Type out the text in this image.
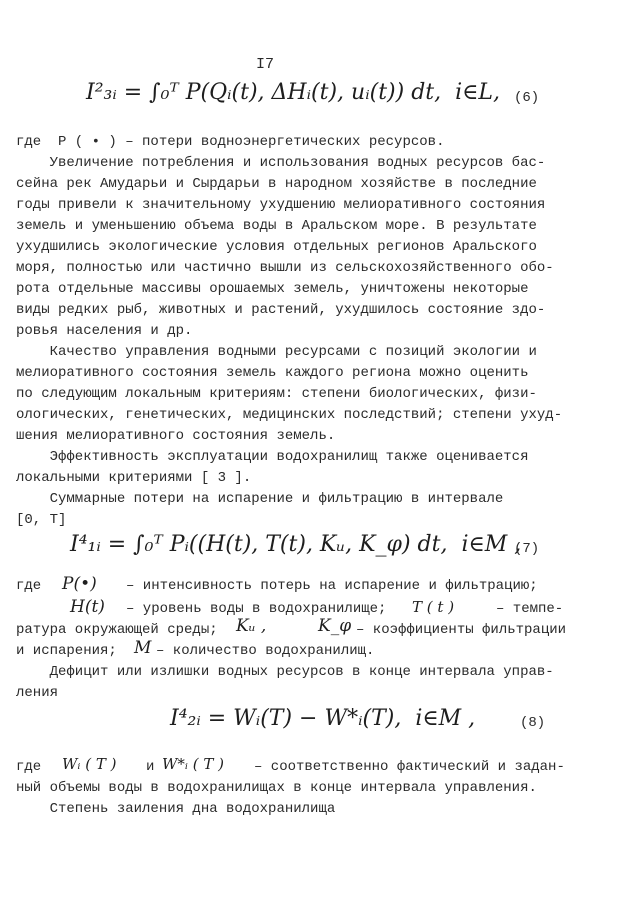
I7
I²₃ᵢ = ∫₀ᵀ P(Qᵢ(t), ΔHᵢ(t), uᵢ(t)) dt,  i∈L, (6)
где  Р ( • ) – потери водноэнергетических ресурсов.
Увеличение потребления и использования водных ресурсов бас-
сейна рек Амударьи и Сырдарьи в народном хозяйстве в последние
годы привели к значительному ухудшению мелиоративного состояния
земель и уменьшению объема воды в Аральском море. В результате
ухудшились экологические условия отдельных регионов Аральского
моря, полностью или частично вышли из сельскохозяйственного обо-
рота отдельные массивы орошаемых земель, уничтожены некоторые
виды редких рыб, животных и растений, ухудшилось состояние здо-
ровья населения и др.
Качество управления водными ресурсами с позиций экологии и
мелиоративного состояния земель каждого региона можно оценить
по следующим локальным критериям: степени биологических, физи-
ологических, генетических, медицинских последствий; степени ухуд-
шения мелиоративного состояния земель.
Эффективность эксплуатации водохранилищ также оценивается
локальными критериями [ 3 ].
Суммарные потери на испарение и фильтрацию в интервале
[0, T]
I⁴₁ᵢ = ∫₀ᵀ Pᵢ((H(t), T(t), Kᵤ, K_φ) dt,  i∈M ,
(7)
где P(•) – интенсивность потерь на испарение и фильтрацию;
H(t) – уровень воды в водохранилище; T ( t )	– темпе-
ратура окружающей среды; Kᵤ ,	K_φ – коэффициенты фильтрации
и испарения; M – количество водохранилищ.
Дефицит или излишки водных ресурсов в конце интервала управ-
ления
I⁴₂ᵢ = Wᵢ(T) − W*ᵢ(T),  i∈M ,	(8)
где Wᵢ ( T ) и W*ᵢ ( T ) – соответственно фактический и задан-
ный объемы воды в водохранилищах в конце интервала управления.
Степень заиления дна водохранилища
